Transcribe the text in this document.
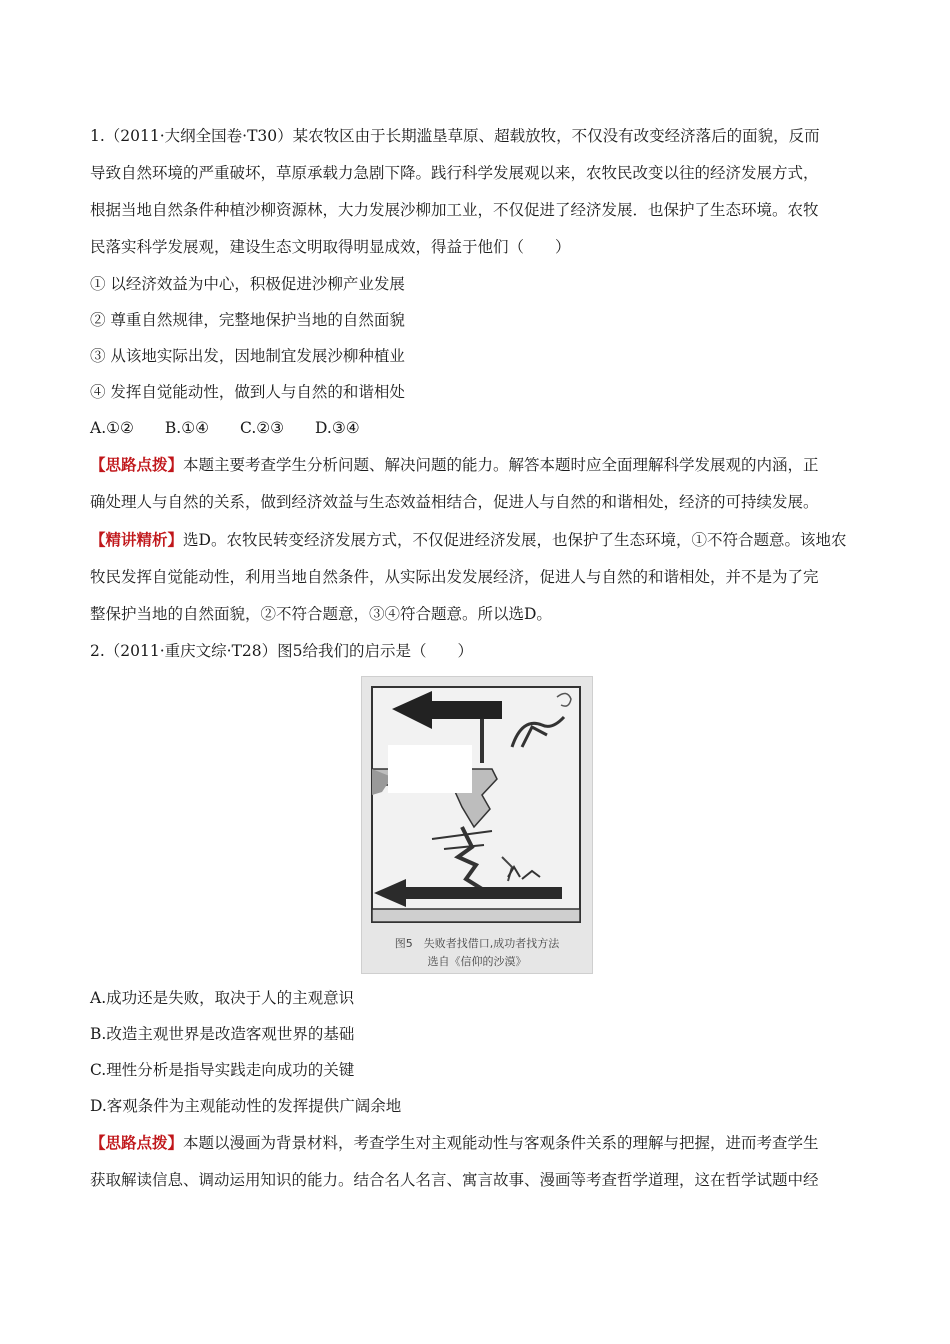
1.（2011·大纲全国卷·T30）某农牧区由于长期滥垦草原、超载放牧，不仅没有改变经济落后的面貌，反而

导致自然环境的严重破坏，草原承载力急剧下降。践行科学发展观以来，农牧民改变以往的经济发展方式，

根据当地自然条件种植沙柳资源林，大力发展沙柳加工业，不仅促进了经济发展．也保护了生态环境。农牧

民落实科学发展观，建设生态文明取得明显成效，得益于他们（　　）

① 以经济效益为中心，积极促进沙柳产业发展

② 尊重自然规律，完整地保护当地的自然面貌

③ 从该地实际出发，因地制宜发展沙柳种植业

④ 发挥自觉能动性，做到人与自然的和谐相处

A.①②　　B.①④　　C.②③　　D.③④

【思路点拨】本题主要考查学生分析问题、解决问题的能力。解答本题时应全面理解科学发展观的内涵，正

确处理人与自然的关系，做到经济效益与生态效益相结合，促进人与自然的和谐相处，经济的可持续发展。

【精讲精析】选D。农牧民转变经济发展方式，不仅促进经济发展，也保护了生态环境，①不符合题意。该地农

牧民发挥自觉能动性，利用当地自然条件，从实际出发发展经济，促进人与自然的和谐相处，并不是为了完

整保护当地的自然面貌，②不符合题意，③④符合题意。所以选D。

2.（2011·重庆文综·T28）图5给我们的启示是（　　）

图5　失败者找借口,成功者找方法
选自《信仰的沙漠》

A.成功还是失败，取决于人的主观意识

B.改造主观世界是改造客观世界的基础

C.理性分析是指导实践走向成功的关键

D.客观条件为主观能动性的发挥提供广阔余地

【思路点拨】本题以漫画为背景材料，考查学生对主观能动性与客观条件关系的理解与把握，进而考查学生

获取解读信息、调动运用知识的能力。结合名人名言、寓言故事、漫画等考查哲学道理，这在哲学试题中经
